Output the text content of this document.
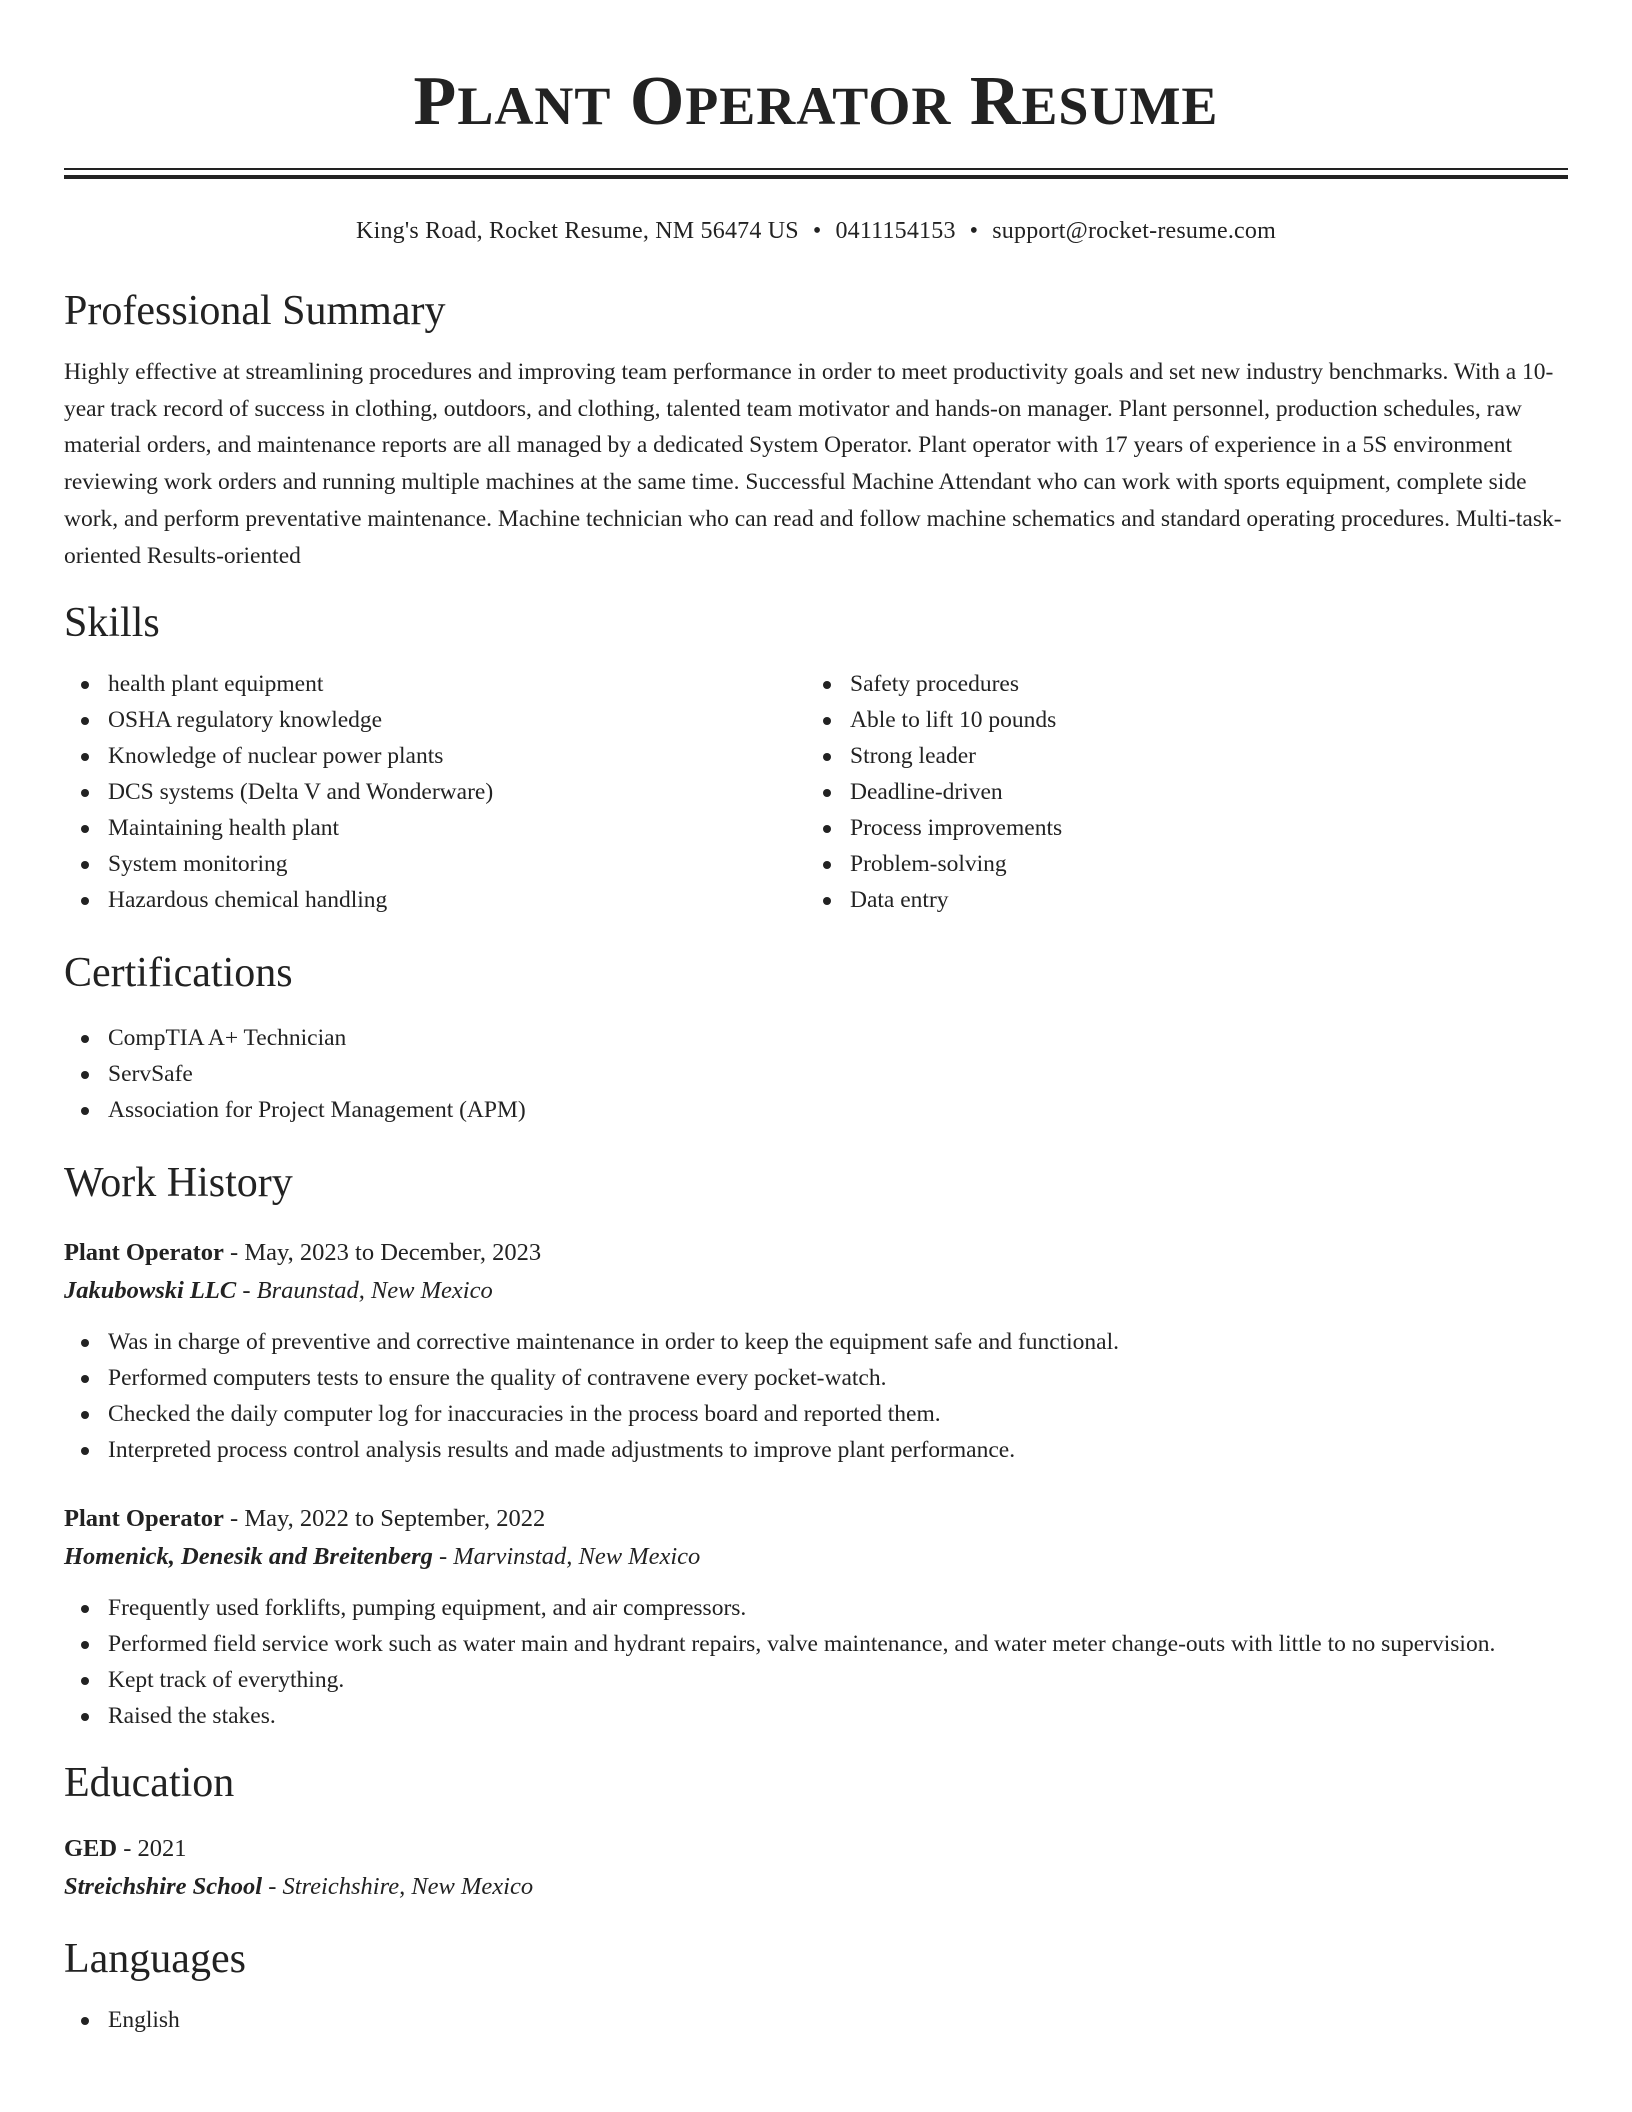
PLANT OPERATOR RESUME
King's Road, Rocket Resume, NM 56474 US • 0411154153 • support@rocket-resume.com
Professional Summary

Highly effective at streamlining procedures and improving team performance in order to meet productivity goals and set new industry benchmarks. With a 10-year track record of success in clothing, outdoors, and clothing, talented team motivator and hands-on manager. Plant personnel, production schedules, raw material orders, and maintenance reports are all managed by a dedicated System Operator. Plant operator with 17 years of experience in a 5S environment reviewing work orders and running multiple machines at the same time. Successful Machine Attendant who can work with sports equipment, complete side work, and perform preventative maintenance. Machine technician who can read and follow machine schematics and standard operating procedures. Multi-task-oriented Results-oriented

Skills
health plant equipment
OSHA regulatory knowledge
Knowledge of nuclear power plants
DCS systems (Delta V and Wonderware)
Maintaining health plant
System monitoring
Hazardous chemical handling
Safety procedures
Able to lift 10 pounds
Strong leader
Deadline-driven
Process improvements
Problem-solving
Data entry
Certifications
CompTIA A+ Technician
ServSafe
Association for Project Management (APM)
Work History
Plant Operator - May, 2023 to December, 2023
Jakubowski LLC - Braunstad, New Mexico
Was in charge of preventive and corrective maintenance in order to keep the equipment safe and functional.
Performed computers tests to ensure the quality of contravene every pocket-watch.
Checked the daily computer log for inaccuracies in the process board and reported them.
Interpreted process control analysis results and made adjustments to improve plant performance.
Plant Operator - May, 2022 to September, 2022
Homenick, Denesik and Breitenberg - Marvinstad, New Mexico
Frequently used forklifts, pumping equipment, and air compressors.
Performed field service work such as water main and hydrant repairs, valve maintenance, and water meter change-outs with little to no supervision.
Kept track of everything.
Raised the stakes.
Education
GED - 2021
Streichshire School - Streichshire, New Mexico
Languages
English
